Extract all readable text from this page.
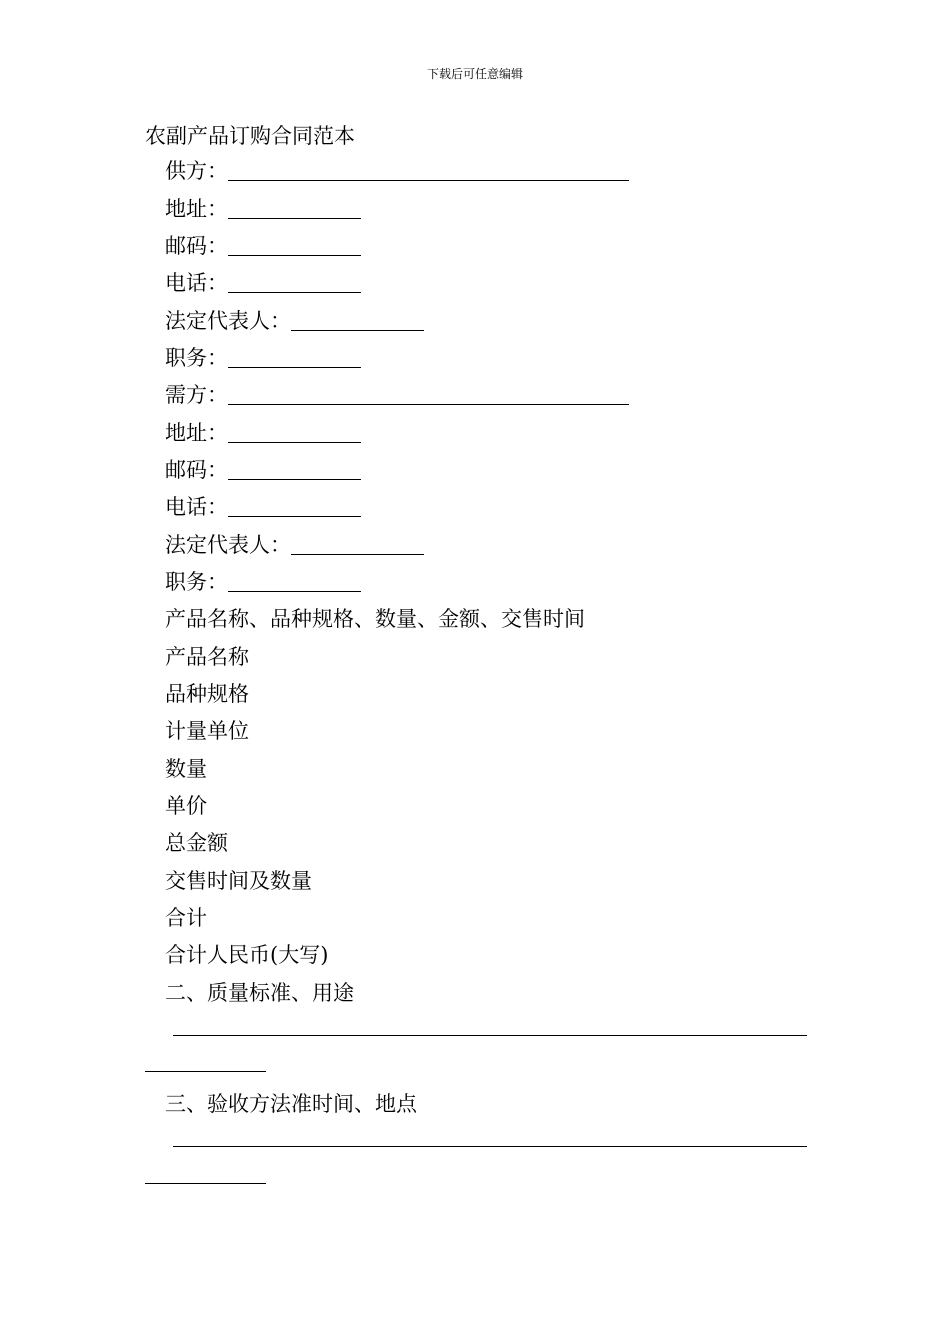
下载后可任意编辑
农副产品订购合同范本
供方：
地址：
邮码：
电话：
法定代表人：
职务：
需方：
地址：
邮码：
电话：
法定代表人：
职务：
产品名称、品种规格、数量、金额、交售时间
产品名称
品种规格
计量单位
数量
单价
总金额
交售时间及数量
合计
合计人民币(大写)
二、质量标准、用途
三、验收方法准时间、地点
